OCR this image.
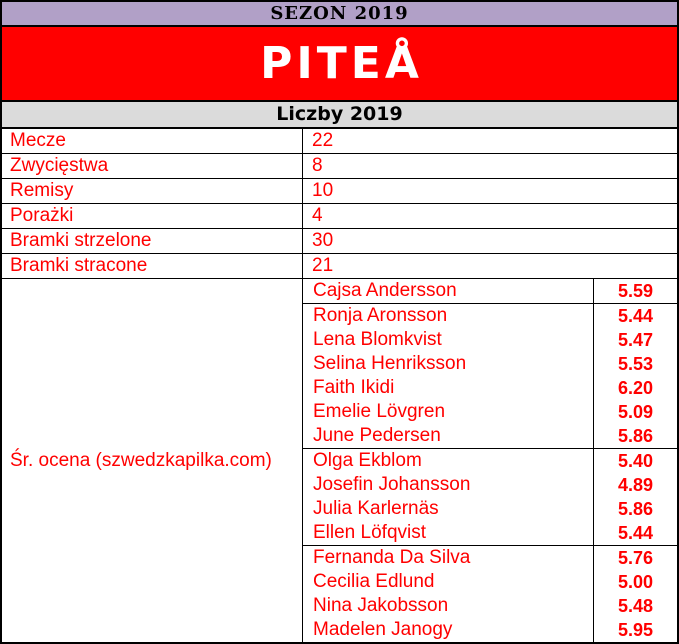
SEZON 2019
PITEÅ
Liczby 2019
Mecze	22
Zwycięstwa	8
Remisy	10
Porażki	4
Bramki strzelone	30
Bramki stracone	21
Śr. ocena (szwedzkapilka.com)
Cajsa Andersson	5.59
Ronja Aronsson	5.44
Lena Blomkvist	5.47
Selina Henriksson	5.53
Faith Ikidi	6.20
Emelie Lövgren	5.09
June Pedersen	5.86
Olga Ekblom	5.40
Josefin Johansson	4.89
Julia Karlernäs	5.86
Ellen Löfqvist	5.44
Fernanda Da Silva	5.76
Cecilia Edlund	5.00
Nina Jakobsson	5.48
Madelen Janogy	5.95
